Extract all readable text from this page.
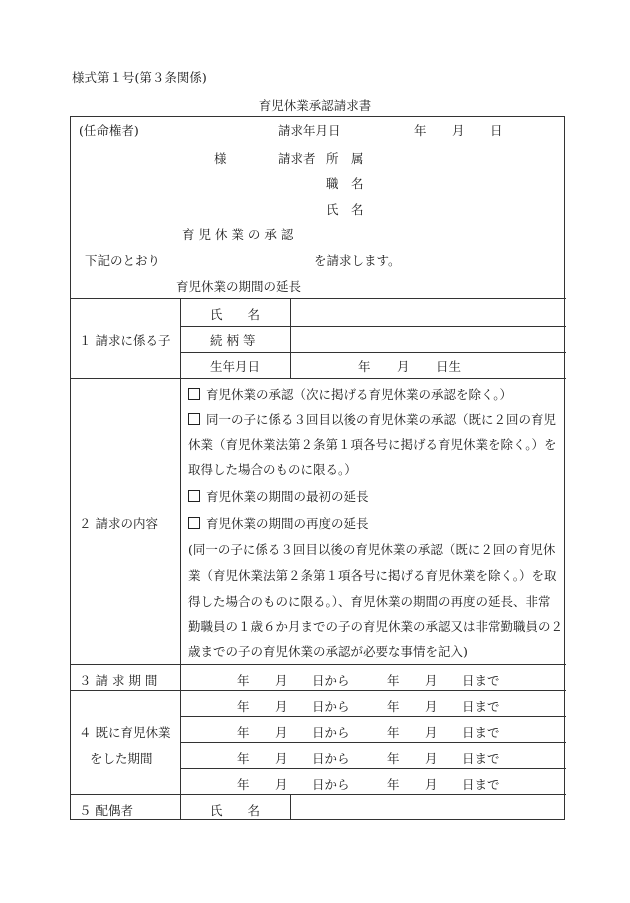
様式第１号(第３条関係)
育児休業承認請求書
(任命権者)	請求年月日	年 月 日
様	請求者 所　属
職　名
氏　名
育 児 休 業 の 承 認
下記のとおり	を請求します。
育児休業の期間の延長
１ 請求に係る子
氏　　名
続 柄 等
生年月日	年 月 日生
２ 請求の内容
育児休業の承認（次に掲げる育児休業の承認を除く。）
同一の子に係る３回目以後の育児休業の承認（既に２回の育児
休業（育児休業法第２条第１項各号に掲げる育児休業を除く。）を
取得した場合のものに限る。）
育児休業の期間の最初の延長
育児休業の期間の再度の延長
(同一の子に係る３回目以後の育児休業の承認（既に２回の育児休
業（育児休業法第２条第１項各号に掲げる育児休業を除く。）を取
得した場合のものに限る。）、育児休業の期間の再度の延長、非常
勤職員の１歳６か月までの子の育児休業の承認又は非常勤職員の２
歳までの子の育児休業の承認が必要な事情を記入)
３ 請 求 期 間	年 月 日から	年 月 日まで
４ 既に育児休業
をした期間
年 月 日から	年 月 日まで
年 月 日から	年 月 日まで
年 月 日から	年 月 日まで
年 月 日から	年 月 日まで
５ 配偶者	氏　　名
